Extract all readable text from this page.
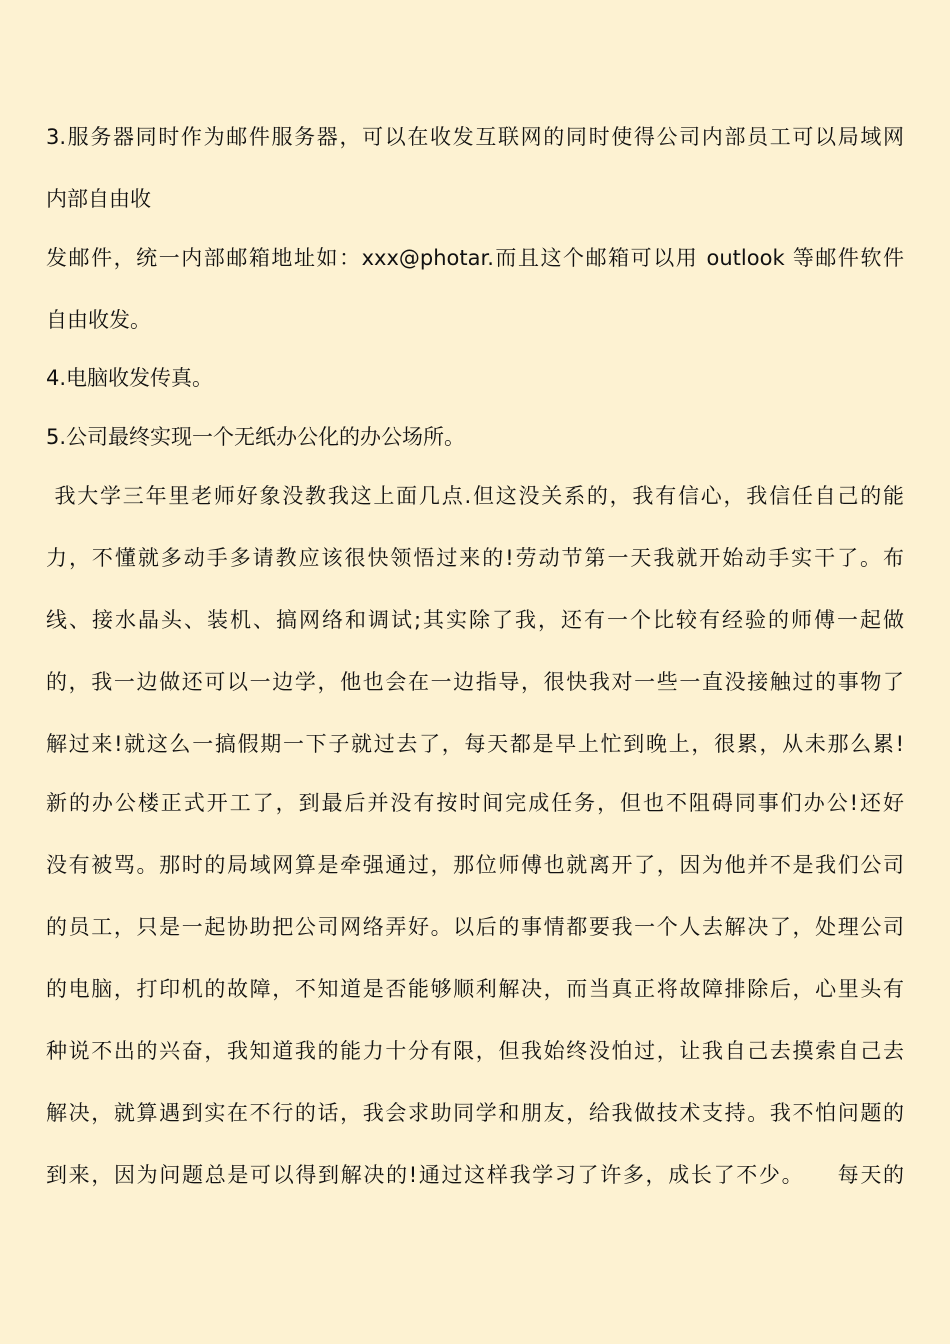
3.服务器同时作为邮件服务器，可以在收发互联网的同时使得公司内部员工可以局域网
内部自由收
发邮件，统一内部邮箱地址如：xxx@photar.而且这个邮箱可以用 outlook 等邮件软件
自由收发。
4.电脑收发传真。
5.公司最终实现一个无纸办公化的办公场所。
我大学三年里老师好象没教我这上面几点.但这没关系的，我有信心，我信任自己的能
力，不懂就多动手多请教应该很快领悟过来的!劳动节第一天我就开始动手实干了。布
线、接水晶头、装机、搞网络和调试;其实除了我，还有一个比较有经验的师傅一起做
的，我一边做还可以一边学，他也会在一边指导，很快我对一些一直没接触过的事物了
解过来!就这么一搞假期一下子就过去了，每天都是早上忙到晚上，很累，从未那么累!
新的办公楼正式开工了，到最后并没有按时间完成任务，但也不阻碍同事们办公!还好
没有被骂。那时的局域网算是牵强通过，那位师傅也就离开了，因为他并不是我们公司
的员工，只是一起协助把公司网络弄好。以后的事情都要我一个人去解决了，处理公司
的电脑，打印机的故障，不知道是否能够顺利解决，而当真正将故障排除后，心里头有
种说不出的兴奋，我知道我的能力十分有限，但我始终没怕过，让我自己去摸索自己去
解决，就算遇到实在不行的话，我会求助同学和朋友，给我做技术支持。我不怕问题的
到来，因为问题总是可以得到解决的!通过这样我学习了许多，成长了不少。    每天的
